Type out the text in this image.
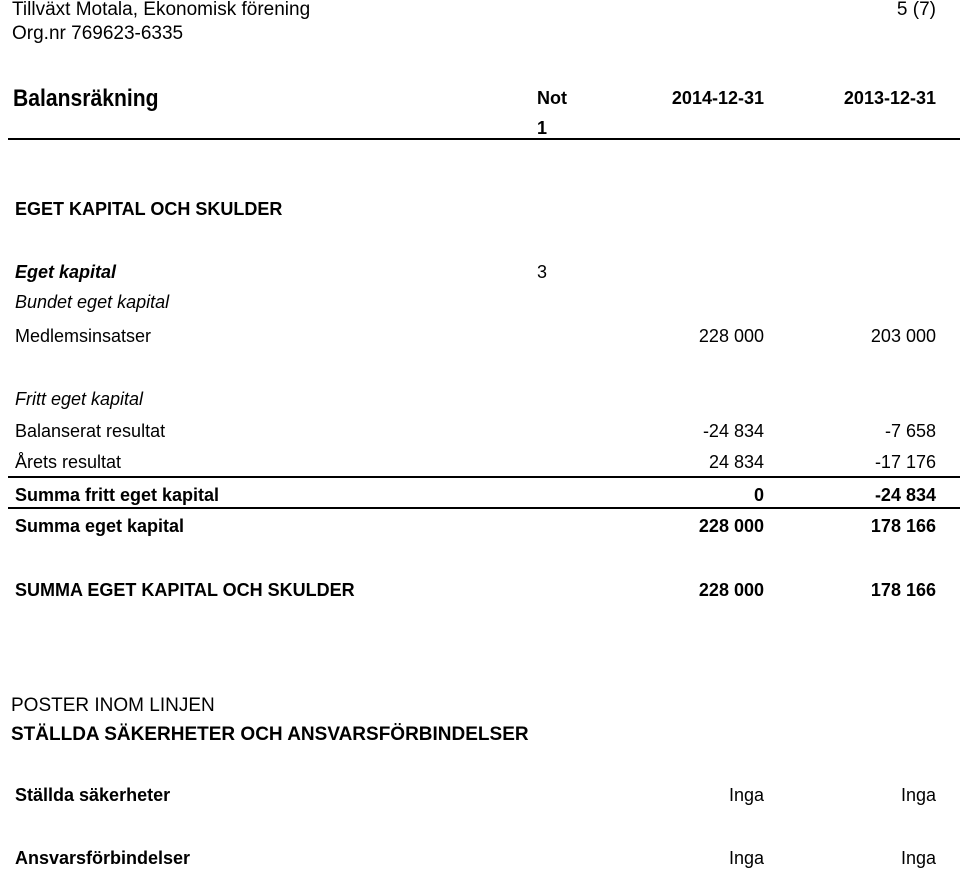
Tillväxt Motala, Ekonomisk förening	5 (7)
Org.nr 769623-6335
Balansräkning	Not
1
2014-12-31	2013-12-31
EGET KAPITAL OCH SKULDER
Eget kapital	3
Bundet eget kapital
Medlemsinsatser	228 000	203 000
Fritt eget kapital
Balanserat resultat	-24 834	-7 658
Årets resultat	24 834	-17 176
Summa fritt eget kapital	0	-24 834
Summa eget kapital	228 000	178 166
SUMMA EGET KAPITAL OCH SKULDER	228 000	178 166
POSTER INOM LINJEN
STÄLLDA SÄKERHETER OCH ANSVARSFÖRBINDELSER
Ställda säkerheter	Inga	Inga
Ansvarsförbindelser	Inga	Inga
